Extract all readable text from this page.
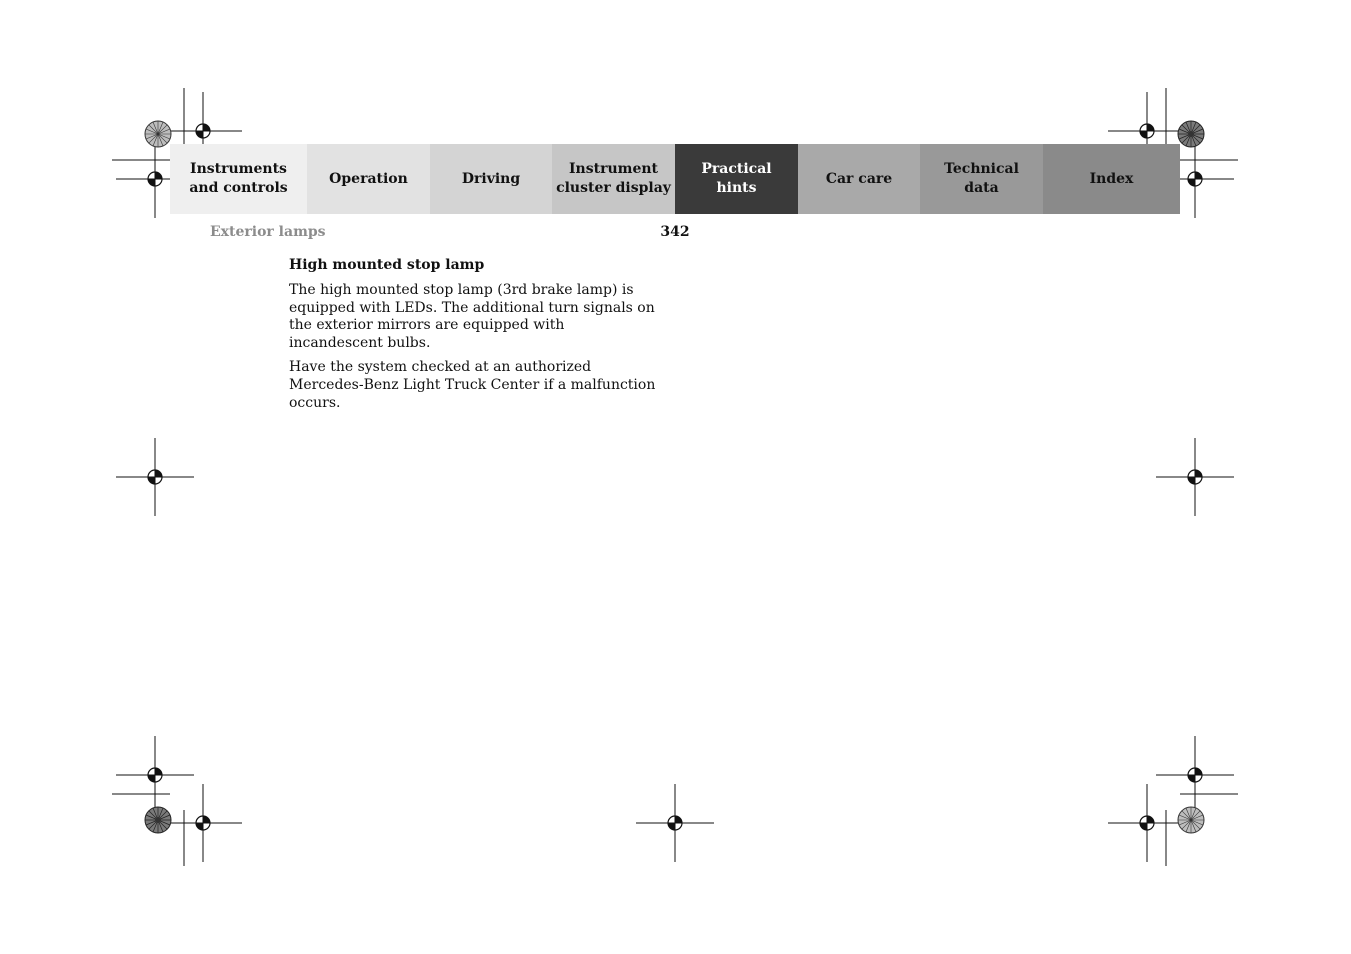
Instruments
and controls
Operation	Driving
Instrument
cluster display
Practical hints
Car care
Technical
data
Index
Exterior lamps	342
High mounted stop lamp

The high mounted stop lamp (3rd brake lamp) is equipped with LEDs. The additional turn signals on the exterior mirrors are equipped with incandescent bulbs.

Have the system checked at an authorized Mercedes-Benz Light Truck Center if a malfunction occurs.
